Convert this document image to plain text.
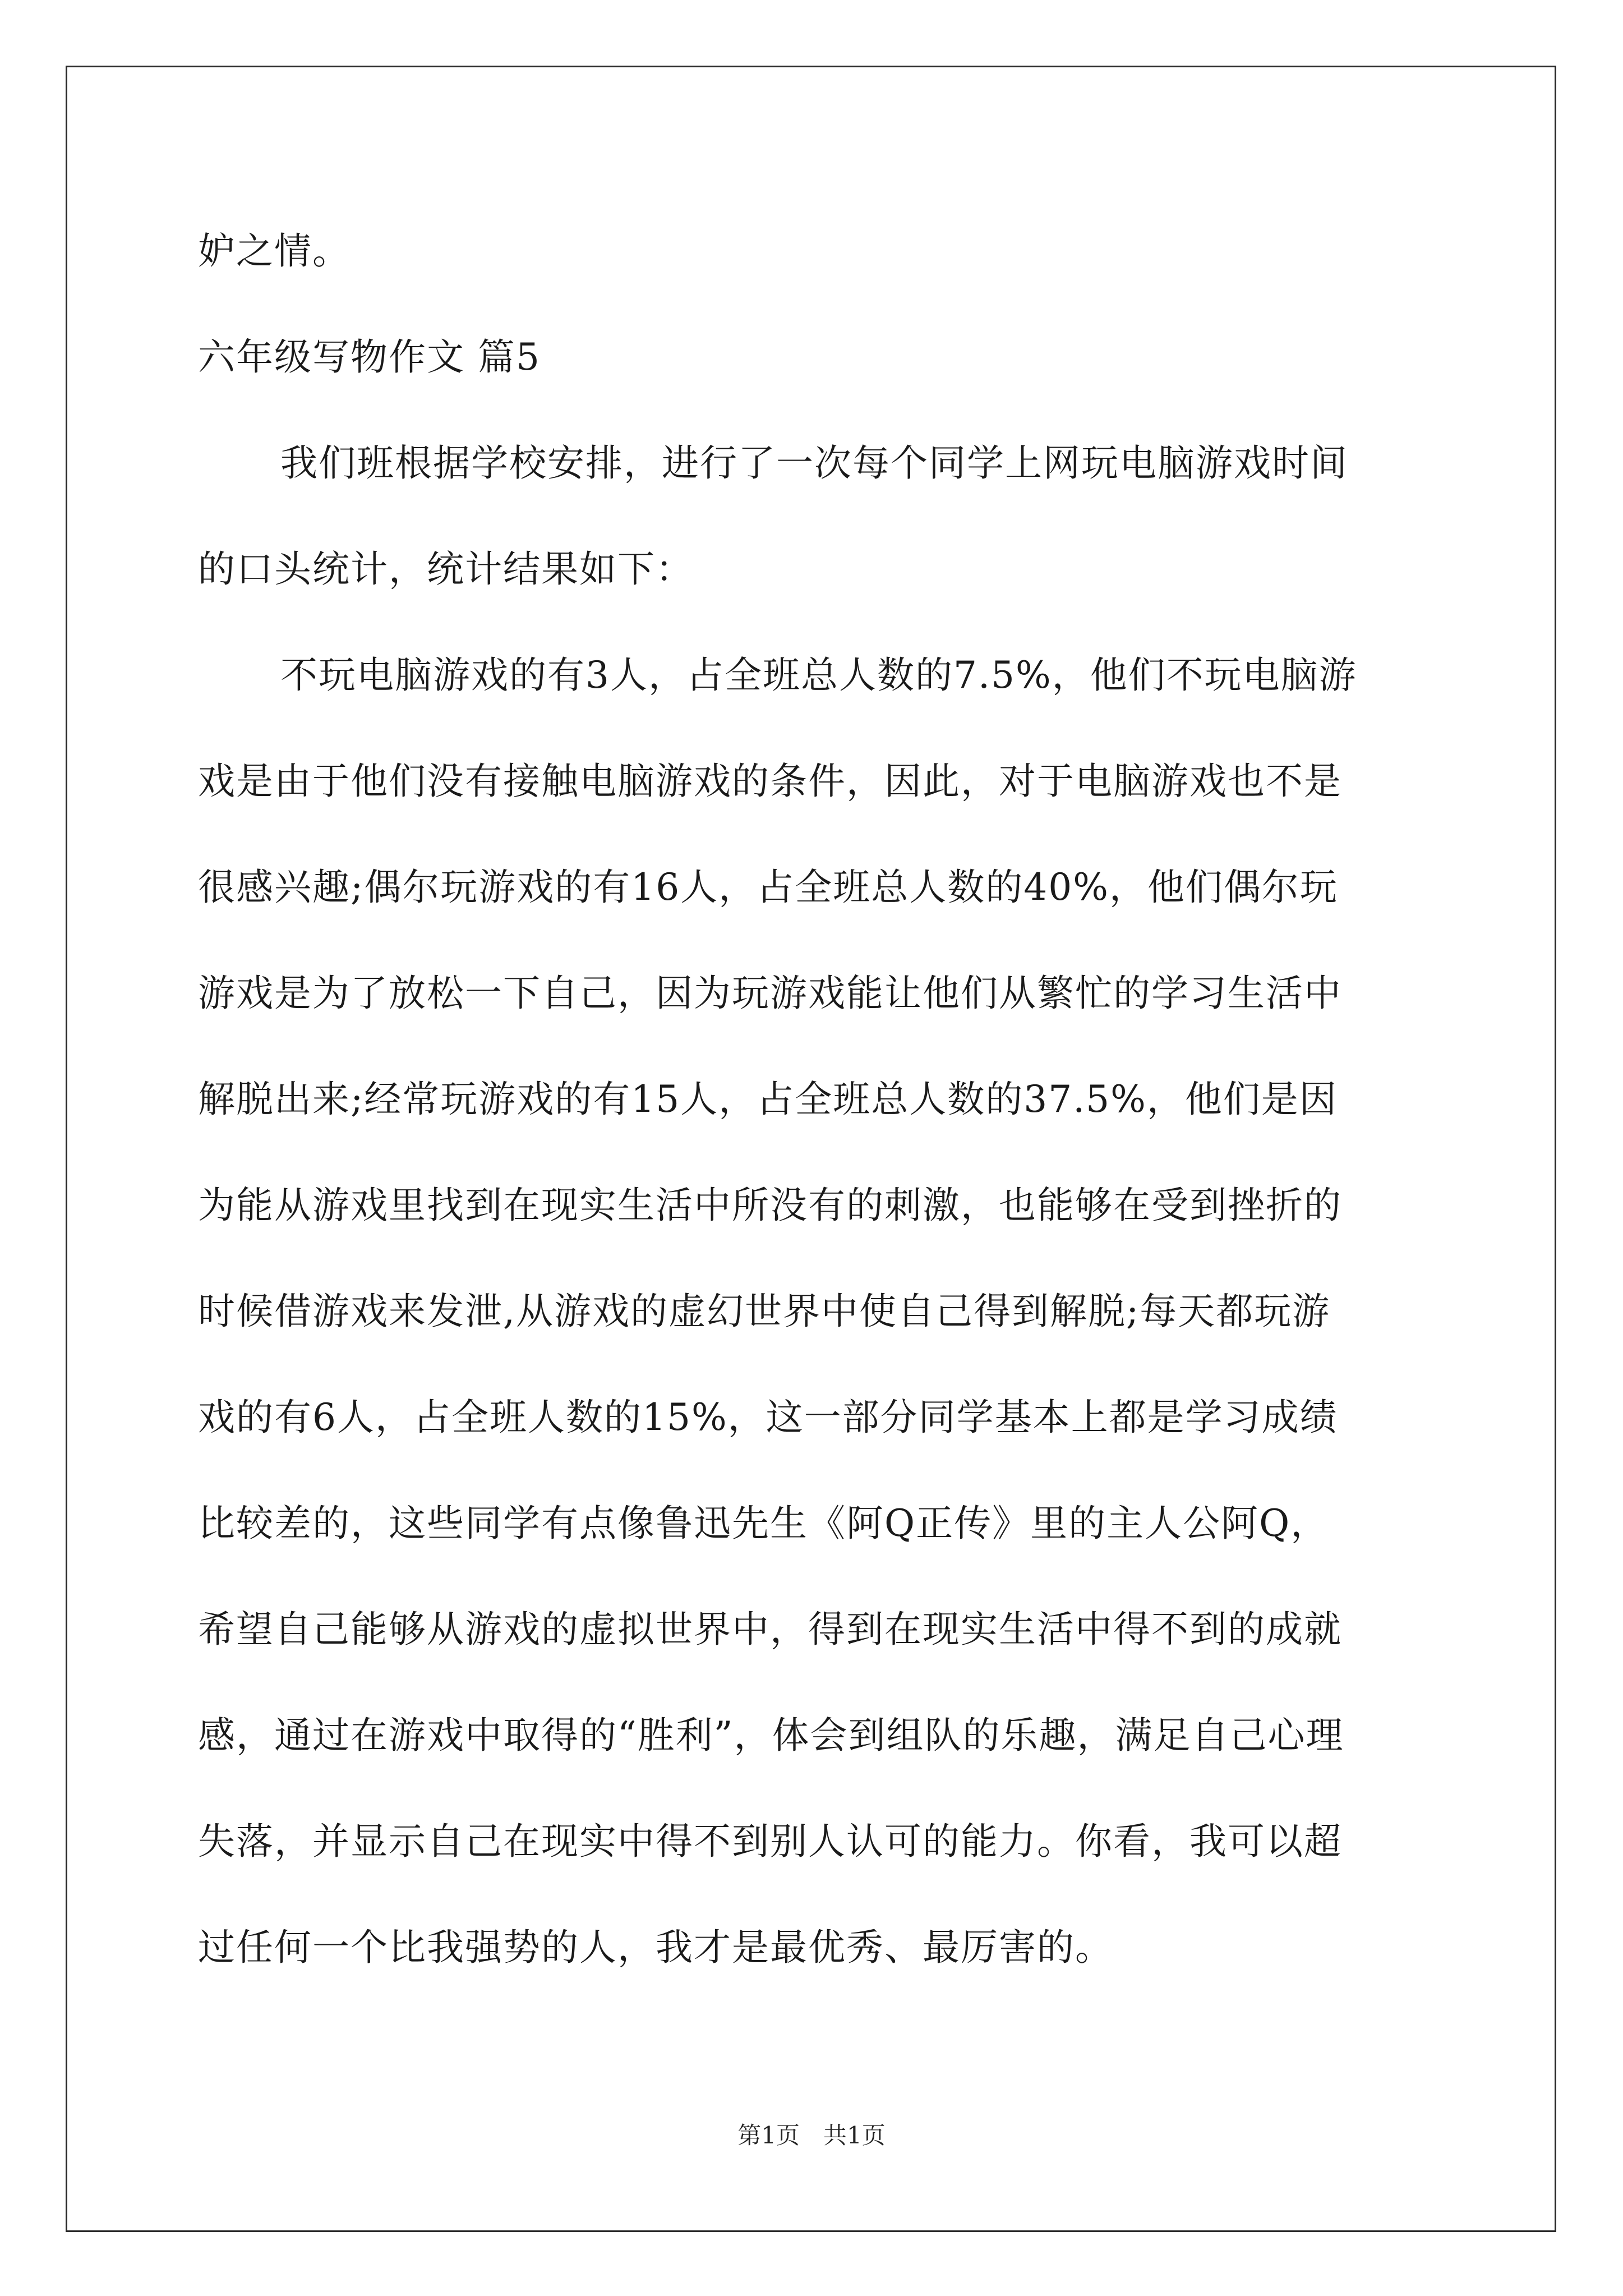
妒之情。
六年级写物作文 篇5
我们班根据学校安排，进行了一次每个同学上网玩电脑游戏时间
的口头统计，统计结果如下：
不玩电脑游戏的有3人，占全班总人数的7.5%，他们不玩电脑游
戏是由于他们没有接触电脑游戏的条件，因此，对于电脑游戏也不是
很感兴趣;偶尔玩游戏的有16人，占全班总人数的40%，他们偶尔玩
游戏是为了放松一下自己，因为玩游戏能让他们从繁忙的学习生活中
解脱出来;经常玩游戏的有15人，占全班总人数的37.5%，他们是因
为能从游戏里找到在现实生活中所没有的刺激，也能够在受到挫折的
时候借游戏来发泄,从游戏的虚幻世界中使自己得到解脱;每天都玩游
戏的有6人，占全班人数的15%，这一部分同学基本上都是学习成绩
比较差的，这些同学有点像鲁迅先生《阿Q正传》里的主人公阿Q，
希望自己能够从游戏的虚拟世界中，得到在现实生活中得不到的成就
感，通过在游戏中取得的“胜利”，体会到组队的乐趣，满足自己心理
失落，并显示自己在现实中得不到别人认可的能力。你看，我可以超
过任何一个比我强势的人，我才是最优秀、最厉害的。
第1页　共1页
